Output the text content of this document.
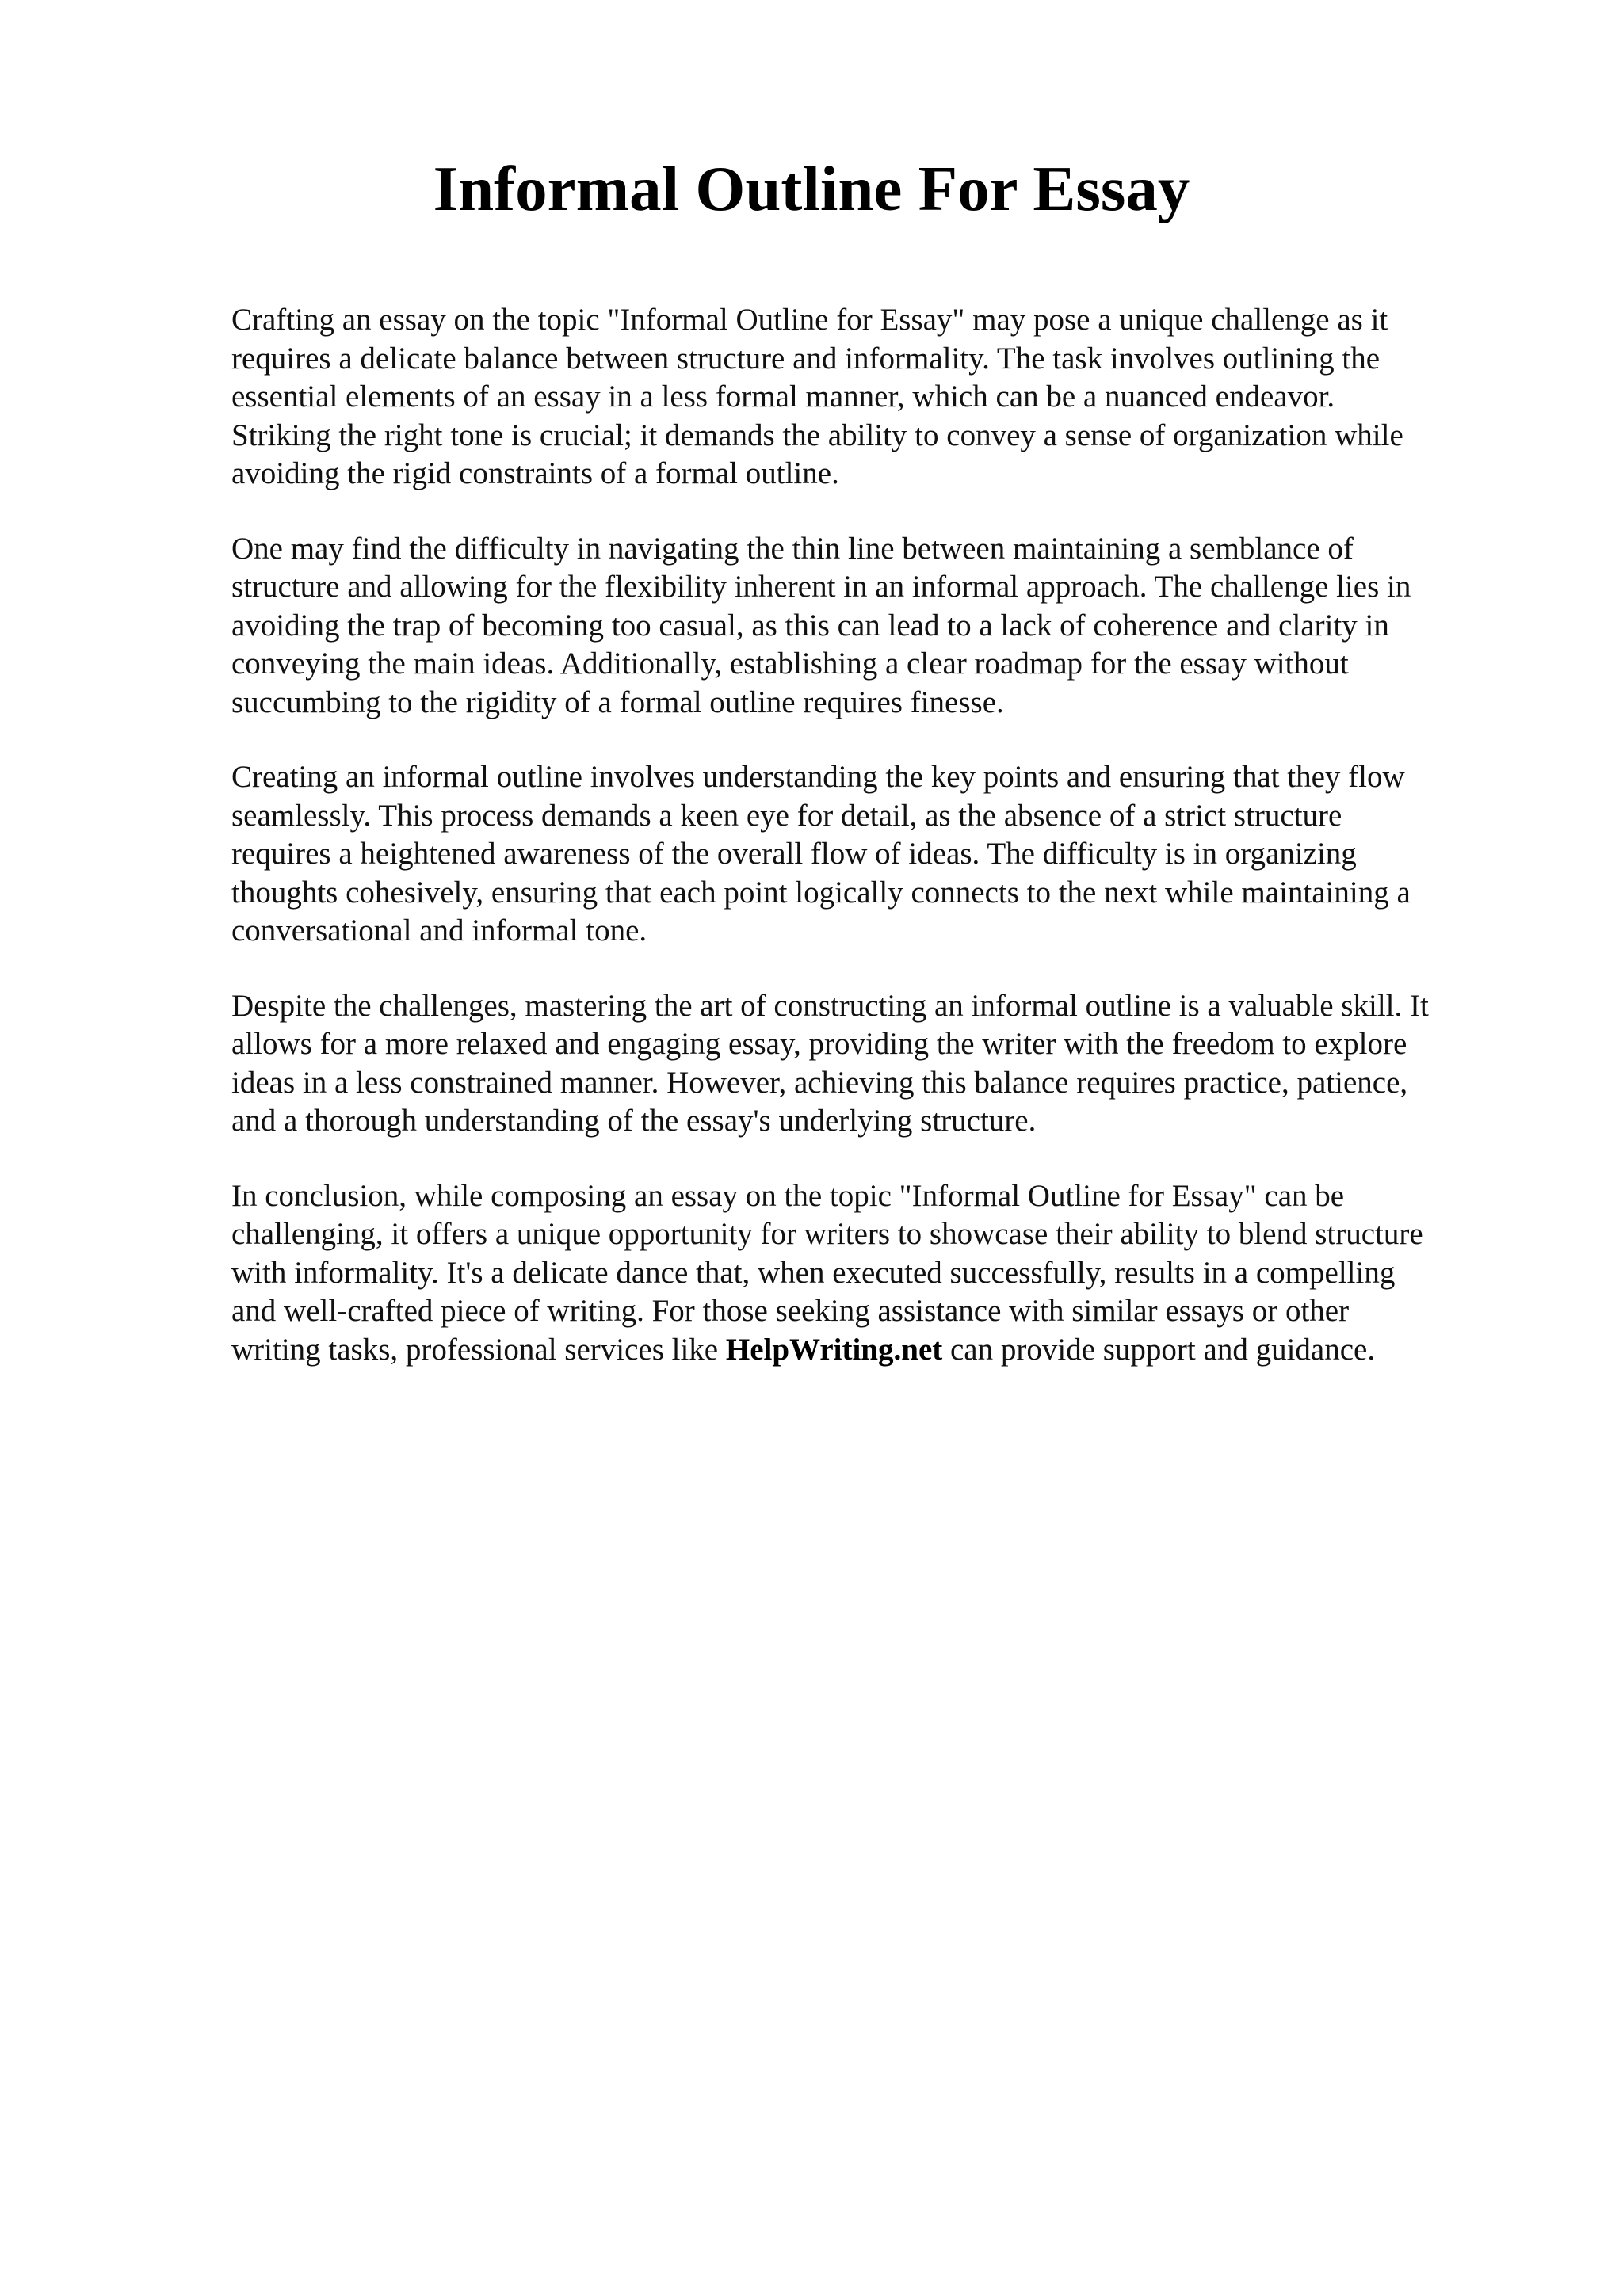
Informal Outline For Essay

Crafting an essay on the topic "Informal Outline for Essay" may pose a unique challenge as it
requires a delicate balance between structure and informality. The task involves outlining the
essential elements of an essay in a less formal manner, which can be a nuanced endeavor.
Striking the right tone is crucial; it demands the ability to convey a sense of organization while
avoiding the rigid constraints of a formal outline.

One may find the difficulty in navigating the thin line between maintaining a semblance of
structure and allowing for the flexibility inherent in an informal approach. The challenge lies in
avoiding the trap of becoming too casual, as this can lead to a lack of coherence and clarity in
conveying the main ideas. Additionally, establishing a clear roadmap for the essay without
succumbing to the rigidity of a formal outline requires finesse.

Creating an informal outline involves understanding the key points and ensuring that they flow
seamlessly. This process demands a keen eye for detail, as the absence of a strict structure
requires a heightened awareness of the overall flow of ideas. The difficulty is in organizing
thoughts cohesively, ensuring that each point logically connects to the next while maintaining a
conversational and informal tone.

Despite the challenges, mastering the art of constructing an informal outline is a valuable skill. It
allows for a more relaxed and engaging essay, providing the writer with the freedom to explore
ideas in a less constrained manner. However, achieving this balance requires practice, patience,
and a thorough understanding of the essay's underlying structure.

In conclusion, while composing an essay on the topic "Informal Outline for Essay" can be
challenging, it offers a unique opportunity for writers to showcase their ability to blend structure
with informality. It's a delicate dance that, when executed successfully, results in a compelling
and well-crafted piece of writing. For those seeking assistance with similar essays or other
writing tasks, professional services like HelpWriting.net can provide support and guidance.
